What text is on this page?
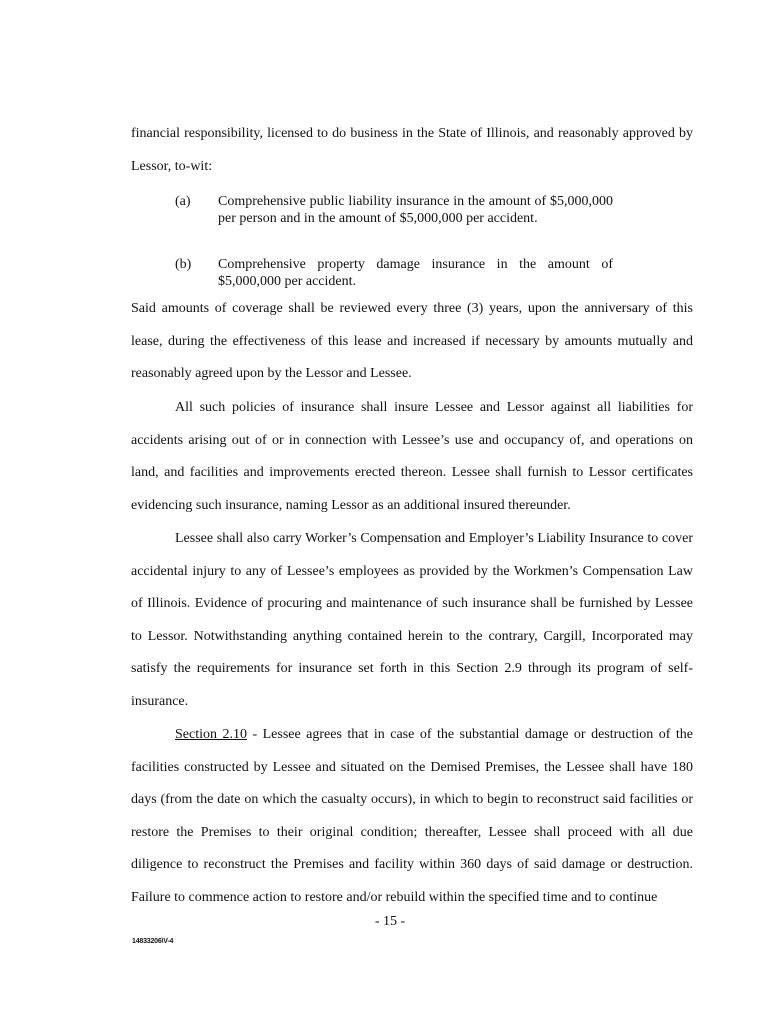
financial responsibility, licensed to do business in the State of Illinois, and reasonably approved by Lessor, to-wit:

(a) Comprehensive public liability insurance in the amount of $5,000,000 per person and in the amount of $5,000,000 per accident.
(b) Comprehensive property damage insurance in the amount of $5,000,000 per accident.

Said amounts of coverage shall be reviewed every three (3) years, upon the anniversary of this lease, during the effectiveness of this lease and increased if necessary by amounts mutually and reasonably agreed upon by the Lessor and Lessee.

All such policies of insurance shall insure Lessee and Lessor against all liabilities for accidents arising out of or in connection with Lessee’s use and occupancy of, and operations on land, and facilities and improvements erected thereon. Lessee shall furnish to Lessor certificates evidencing such insurance, naming Lessor as an additional insured thereunder.

Lessee shall also carry Worker’s Compensation and Employer’s Liability Insurance to cover accidental injury to any of Lessee’s employees as provided by the Workmen’s Compensation Law of Illinois. Evidence of procuring and maintenance of such insurance shall be furnished by Lessee to Lessor. Notwithstanding anything contained herein to the contrary, Cargill, Incorporated may satisfy the requirements for insurance set forth in this Section 2.9 through its program of self-insurance.

Section 2.10 - Lessee agrees that in case of the substantial damage or destruction of the facilities constructed by Lessee and situated on the Demised Premises, the Lessee shall have 180 days (from the date on which the casualty occurs), in which to begin to reconstruct said facilities or restore the Premises to their original condition; thereafter, Lessee shall proceed with all due diligence to reconstruct the Premises and facility within 360 days of said damage or destruction. Failure to commence action to restore and/or rebuild within the specified time and to continue

- 15 -
14833206\V-4
